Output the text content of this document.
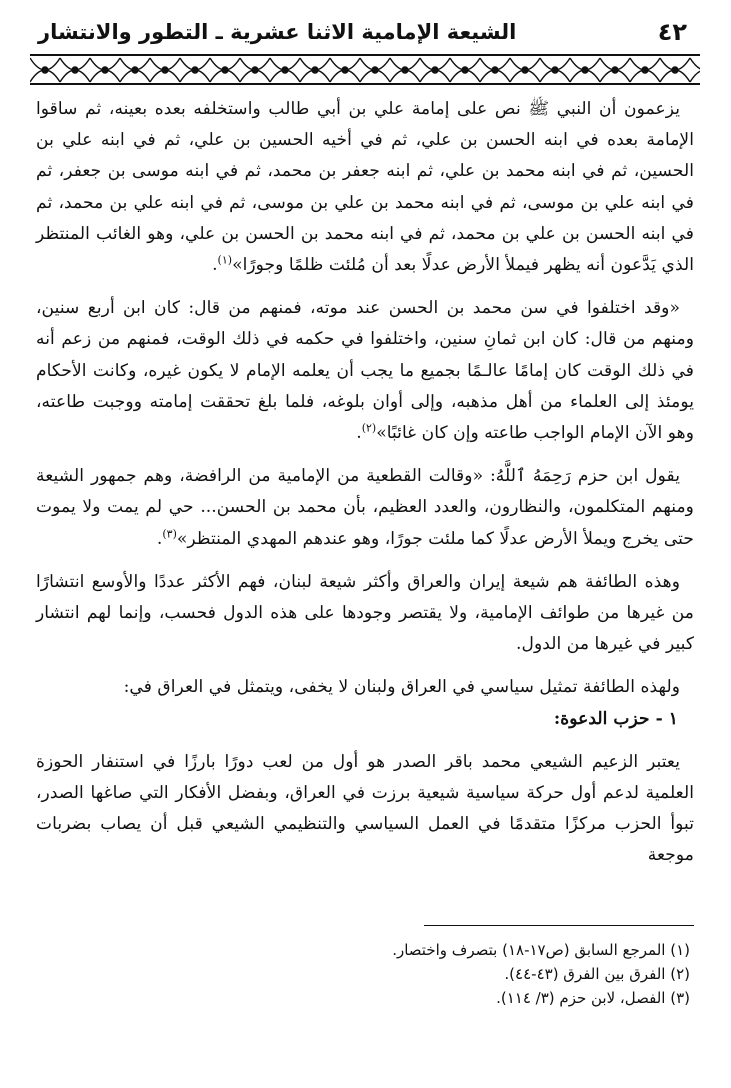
٤٢
الشيعة الإمامية الاثنا عشرية ـ التطور والانتشار

يزعمون أن النبي ﷺ نص على إمامة علي بن أبي طالب واستخلفه بعده بعينه، ثم ساقوا الإمامة بعده في ابنه الحسن بن علي، ثم في أخيه الحسين بن علي، ثم في ابنه علي بن الحسين، ثم في ابنه محمد بن علي، ثم ابنه جعفر بن محمد، ثم في ابنه موسى بن جعفر، ثم في ابنه علي بن موسى، ثم في ابنه محمد بن علي بن موسى، ثم في ابنه علي بن محمد، ثم في ابنه الحسن بن علي بن محمد، ثم في ابنه محمد بن الحسن بن علي، وهو الغائب المنتظر الذي يَدَّعون أنه يظهر فيملأ الأرض عدلًا بعد أن مُلئت ظلمًا وجورًا»$^{(١)}$.

«وقد اختلفوا في سن محمد بن الحسن عند موته، فمنهم من قال: كان ابن أربع سنين، ومنهم من قال: كان ابن ثمانِ سنين، واختلفوا في حكمه في ذلك الوقت، فمنهم من زعم أنه في ذلك الوقت كان إمامًا عالـمًا بجميع ما يجب أن يعلمه الإمام لا يكون غيره، وكانت الأحكام يومئذ إلى العلماء من أهل مذهبه، وإلى أوان بلوغه، فلما بلغ تحققت إمامته ووجبت طاعته، وهو الآن الإمام الواجب طاعته وإن كان غائبًا»$^{(٢)}$.

يقول ابن حزم رَحِمَهُ ٱللَّهُ: «وقالت القطعية من الإمامية من الرافضة، وهم جمهور الشيعة ومنهم المتكلمون، والنظارون، والعدد العظيم، بأن محمد بن الحسن... حي لم يمت ولا يموت حتى يخرج ويملأ الأرض عدلًا كما ملئت جورًا، وهو عندهم المهدي المنتظر»$^{(٣)}$.

وهذه الطائفة هم شيعة إيران والعراق وأكثر شيعة لبنان، فهم الأكثر عددًا والأوسع انتشارًا من غيرها من طوائف الإمامية، ولا يقتصر وجودها على هذه الدول فحسب، وإنما لهم انتشار كبير في غيرها من الدول.

ولهذه الطائفة تمثيل سياسي في العراق ولبنان لا يخفى، ويتمثل في العراق في:

١ - حزب الدعوة:

يعتبر الزعيم الشيعي محمد باقر الصدر هو أول من لعب دورًا بارزًا في استنفار الحوزة العلمية لدعم أول حركة سياسية شيعية برزت في العراق، وبفضل الأفكار التي صاغها الصدر، تبوأ الحزب مركزًا متقدمًا في العمل السياسي والتنظيمي الشيعي قبل أن يصاب بضربات موجعة

(١) المرجع السابق (ص١٧-١٨) بتصرف واختصار.
(٢) الفرق بين الفرق (٤٣-٤٤).
(٣) الفصل، لابن حزم (٣/ ١١٤).
